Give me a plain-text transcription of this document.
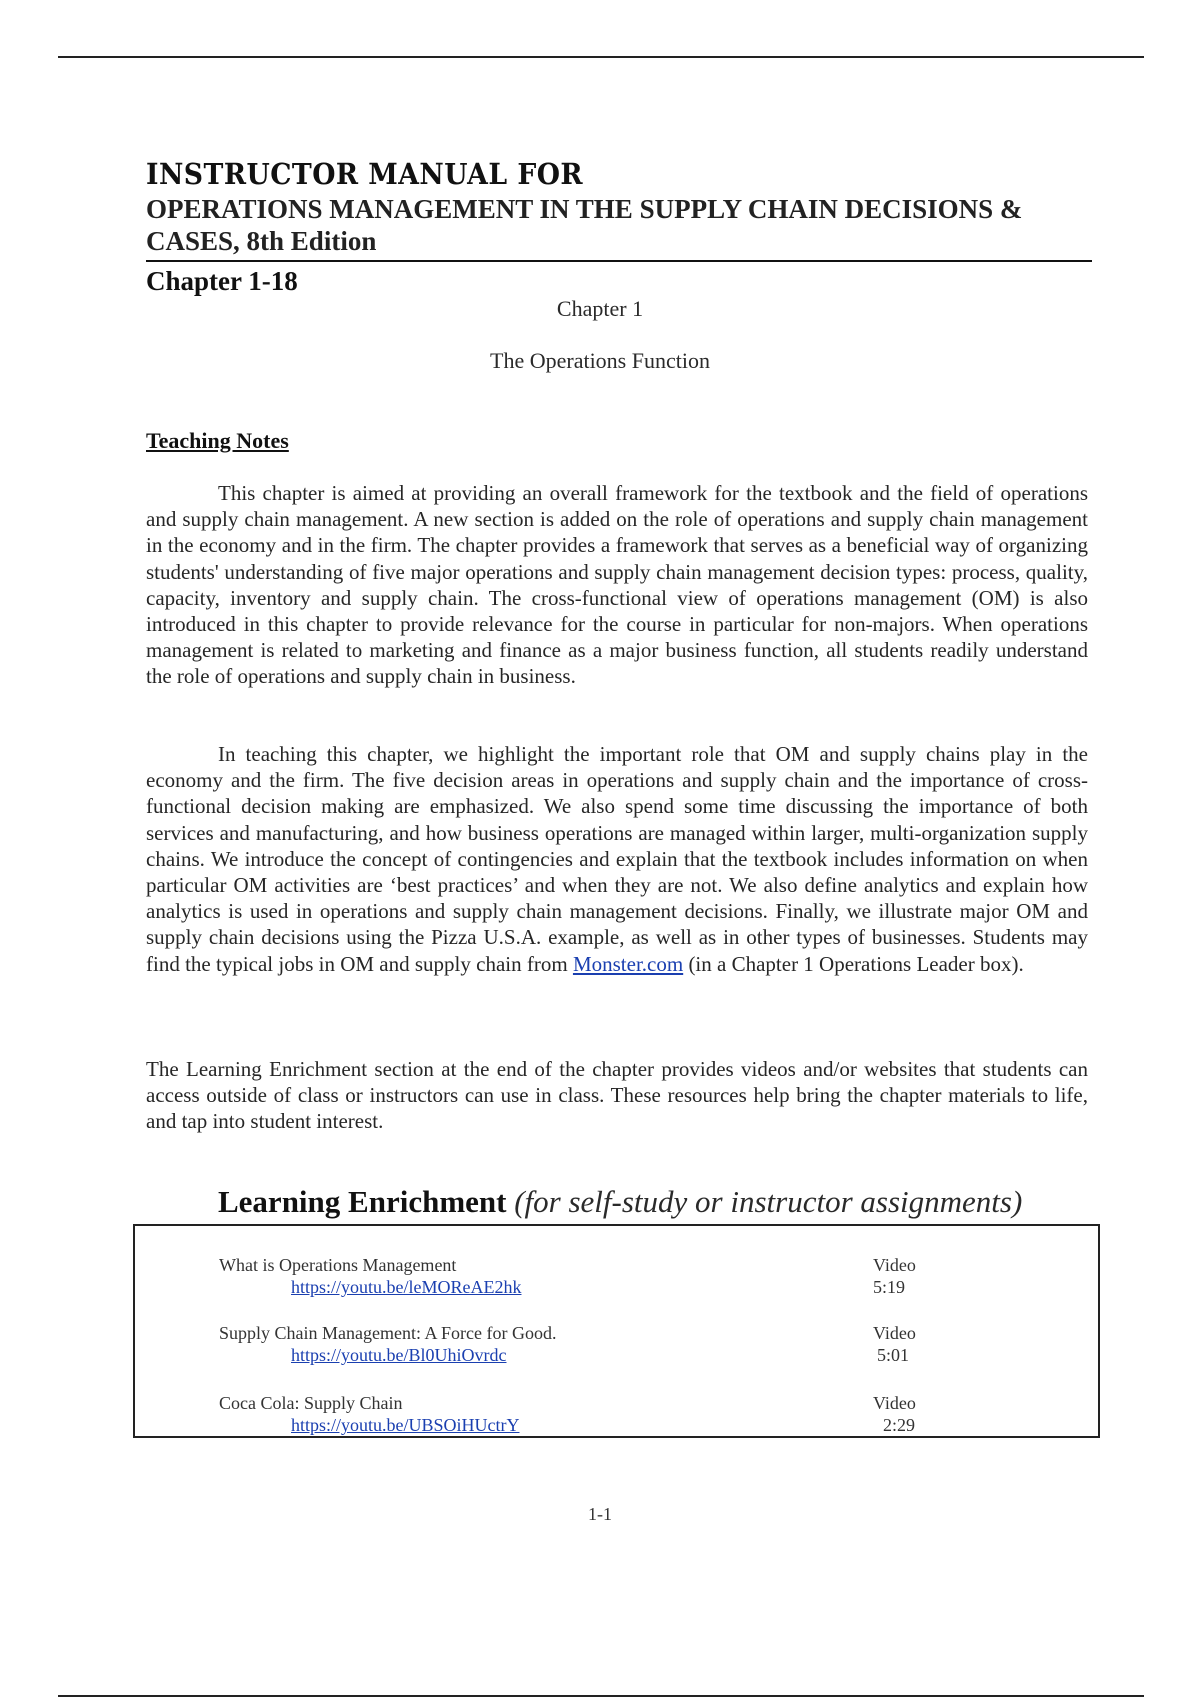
INSTRUCTOR MANUAL FOR
OPERATIONS MANAGEMENT IN THE SUPPLY CHAIN DECISIONS & CASES, 8th Edition
Chapter 1-18
Chapter 1
The Operations Function
Teaching Notes

This chapter is aimed at providing an overall framework for the textbook and the field of operations and supply chain management. A new section is added on the role of operations and supply chain management in the economy and in the firm. The chapter provides a framework that serves as a beneficial way of organizing students' understanding of five major operations and supply chain management decision types: process, quality, capacity, inventory and supply chain. The cross-functional view of operations management (OM) is also introduced in this chapter to provide relevance for the course in particular for non-majors. When operations management is related to marketing and finance as a major business function, all students readily understand the role of operations and supply chain in business.

In teaching this chapter, we highlight the important role that OM and supply chains play in the economy and the firm. The five decision areas in operations and supply chain and the importance of cross-functional decision making are emphasized. We also spend some time discussing the importance of both services and manufacturing, and how business operations are managed within larger, multi-organization supply chains. We introduce the concept of contingencies and explain that the textbook includes information on when particular OM activities are ‘best practices’ and when they are not. We also define analytics and explain how analytics is used in operations and supply chain management decisions. Finally, we illustrate major OM and supply chain decisions using the Pizza U.S.A. example, as well as in other types of businesses. Students may find the typical jobs in OM and supply chain from Monster.com (in a Chapter 1 Operations Leader box).

The Learning Enrichment section at the end of the chapter provides videos and/or websites that students can access outside of class or instructors can use in class. These resources help bring the chapter materials to life, and tap into student interest.

Learning Enrichment (for self-study or instructor assignments)
What is Operations Management
https://youtu.be/leMOReAE2hk
Video
5:19
Supply Chain Management: A Force for Good.
https://youtu.be/Bl0UhiOvrdc
Video
5:01
Coca Cola: Supply Chain
https://youtu.be/UBSOiHUctrY
Video
2:29
1-1
